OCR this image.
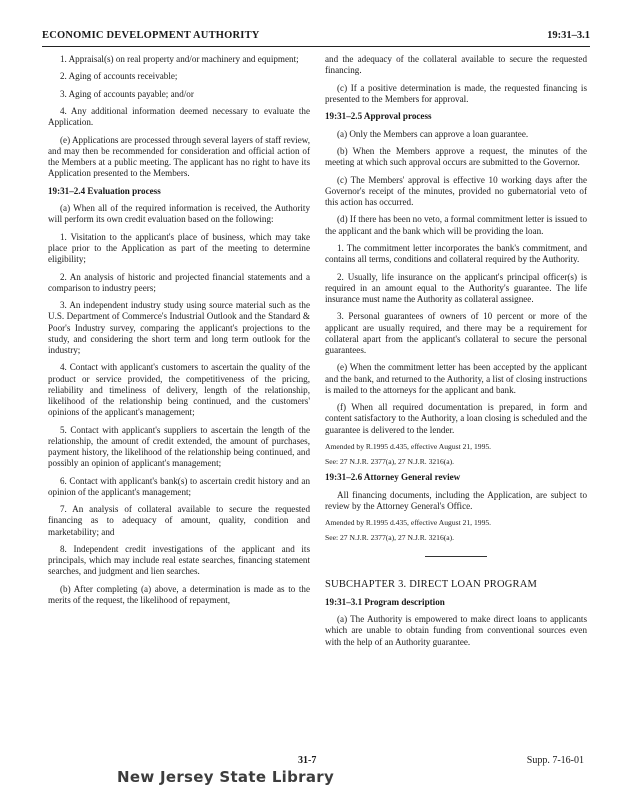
ECONOMIC DEVELOPMENT AUTHORITY	19:31–3.1

1. Appraisal(s) on real property and/or machinery and equipment;

2. Aging of accounts receivable;

3. Aging of accounts payable; and/or

4. Any additional information deemed necessary to evaluate the Application.

(e) Applications are processed through several layers of staff review, and may then be recommended for consideration and official action of the Members at a public meeting. The applicant has no right to have its Application presented to the Members.

19:31–2.4 Evaluation process

(a) When all of the required information is received, the Authority will perform its own credit evaluation based on the following:

1. Visitation to the applicant's place of business, which may take place prior to the Application as part of the meeting to determine eligibility;

2. An analysis of historic and projected financial statements and a comparison to industry peers;

3. An independent industry study using source material such as the U.S. Department of Commerce's Industrial Outlook and the Standard & Poor's Industry survey, comparing the applicant's projections to the study, and considering the short term and long term outlook for the industry;

4. Contact with applicant's customers to ascertain the quality of the product or service provided, the competitiveness of the pricing, reliability and timeliness of delivery, length of the relationship, likelihood of the relationship being continued, and the customers' opinions of the applicant's management;

5. Contact with applicant's suppliers to ascertain the length of the relationship, the amount of credit extended, the amount of purchases, payment history, the likelihood of the relationship being continued, and possibly an opinion of applicant's management;

6. Contact with applicant's bank(s) to ascertain credit history and an opinion of the applicant's management;

7. An analysis of collateral available to secure the requested financing as to adequacy of amount, quality, condition and marketability; and

8. Independent credit investigations of the applicant and its principals, which may include real estate searches, financing statement searches, and judgment and lien searches.

(b) After completing (a) above, a determination is made as to the merits of the request, the likelihood of repayment,

and the adequacy of the collateral available to secure the requested financing.

(c) If a positive determination is made, the requested financing is presented to the Members for approval.

19:31–2.5 Approval process

(a) Only the Members can approve a loan guarantee.

(b) When the Members approve a request, the minutes of the meeting at which such approval occurs are submitted to the Governor.

(c) The Members' approval is effective 10 working days after the Governor's receipt of the minutes, provided no gubernatorial veto of this action has occurred.

(d) If there has been no veto, a formal commitment letter is issued to the applicant and the bank which will be providing the loan.

1. The commitment letter incorporates the bank's commitment, and contains all terms, conditions and collateral required by the Authority.

2. Usually, life insurance on the applicant's principal officer(s) is required in an amount equal to the Authority's guarantee. The life insurance must name the Authority as collateral assignee.

3. Personal guarantees of owners of 10 percent or more of the applicant are usually required, and there may be a requirement for collateral apart from the applicant's collateral to secure the personal guarantees.

(e) When the commitment letter has been accepted by the applicant and the bank, and returned to the Authority, a list of closing instructions is mailed to the attorneys for the applicant and bank.

(f) When all required documentation is prepared, in form and content satisfactory to the Authority, a loan closing is scheduled and the guarantee is delivered to the lender.

Amended by R.1995 d.435, effective August 21, 1995.

See: 27 N.J.R. 2377(a), 27 N.J.R. 3216(a).

19:31–2.6 Attorney General review

All financing documents, including the Application, are subject to review by the Attorney General's Office.

Amended by R.1995 d.435, effective August 21, 1995.

See: 27 N.J.R. 2377(a), 27 N.J.R. 3216(a).

SUBCHAPTER 3. DIRECT LOAN PROGRAM

19:31–3.1 Program description

(a) The Authority is empowered to make direct loans to applicants which are unable to obtain funding from conventional sources even with the help of an Authority guarantee.

31-7	Supp. 7-16-01
New Jersey State Library
